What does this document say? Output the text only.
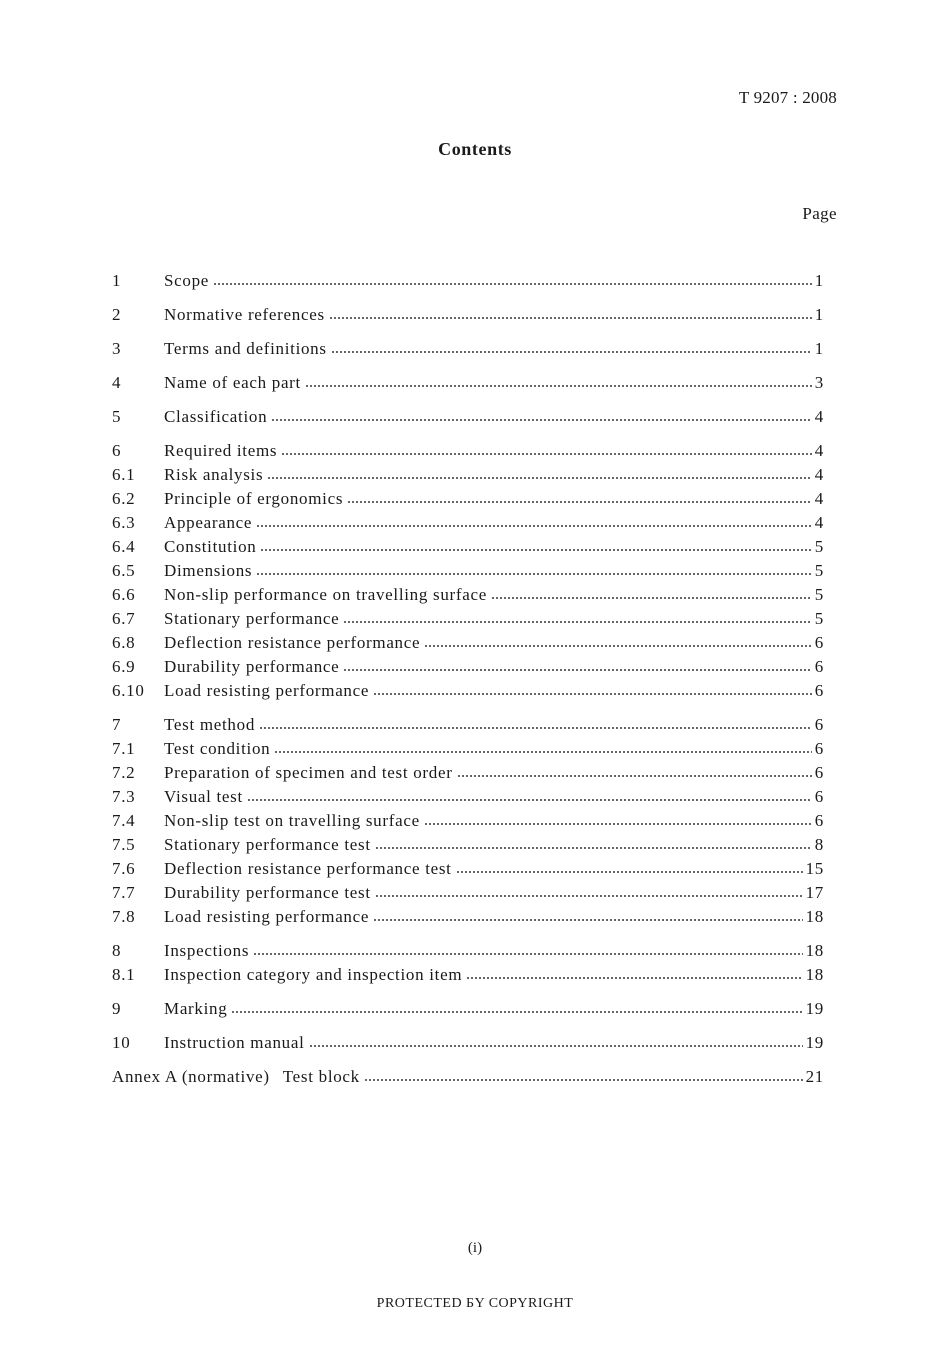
T 9207 : 2008
Contents
Page
1	Scope	1
2	Normative references	1
3	Terms and definitions	1
4	Name of each part	3
5	Classification	4
6	Required items	4
6.1	Risk analysis	4
6.2	Principle of ergonomics	4
6.3	Appearance	4
6.4	Constitution	5
6.5	Dimensions	5
6.6	Non-slip performance on travelling surface	5
6.7	Stationary performance	5
6.8	Deflection resistance performance	6
6.9	Durability performance	6
6.10	Load resisting performance	6
7	Test method	6
7.1	Test condition	6
7.2	Preparation of specimen and test order	6
7.3	Visual test	6
7.4	Non-slip test on travelling surface	6
7.5	Stationary performance test	8
7.6	Deflection resistance performance test	15
7.7	Durability performance test	17
7.8	Load resisting performance	18
8	Inspections	18
8.1	Inspection category and inspection item	18
9	Marking	19
10	Instruction manual	19
Annex A (normative) Test block	21
(i)
PROTECTED БY COPYRIGHT
